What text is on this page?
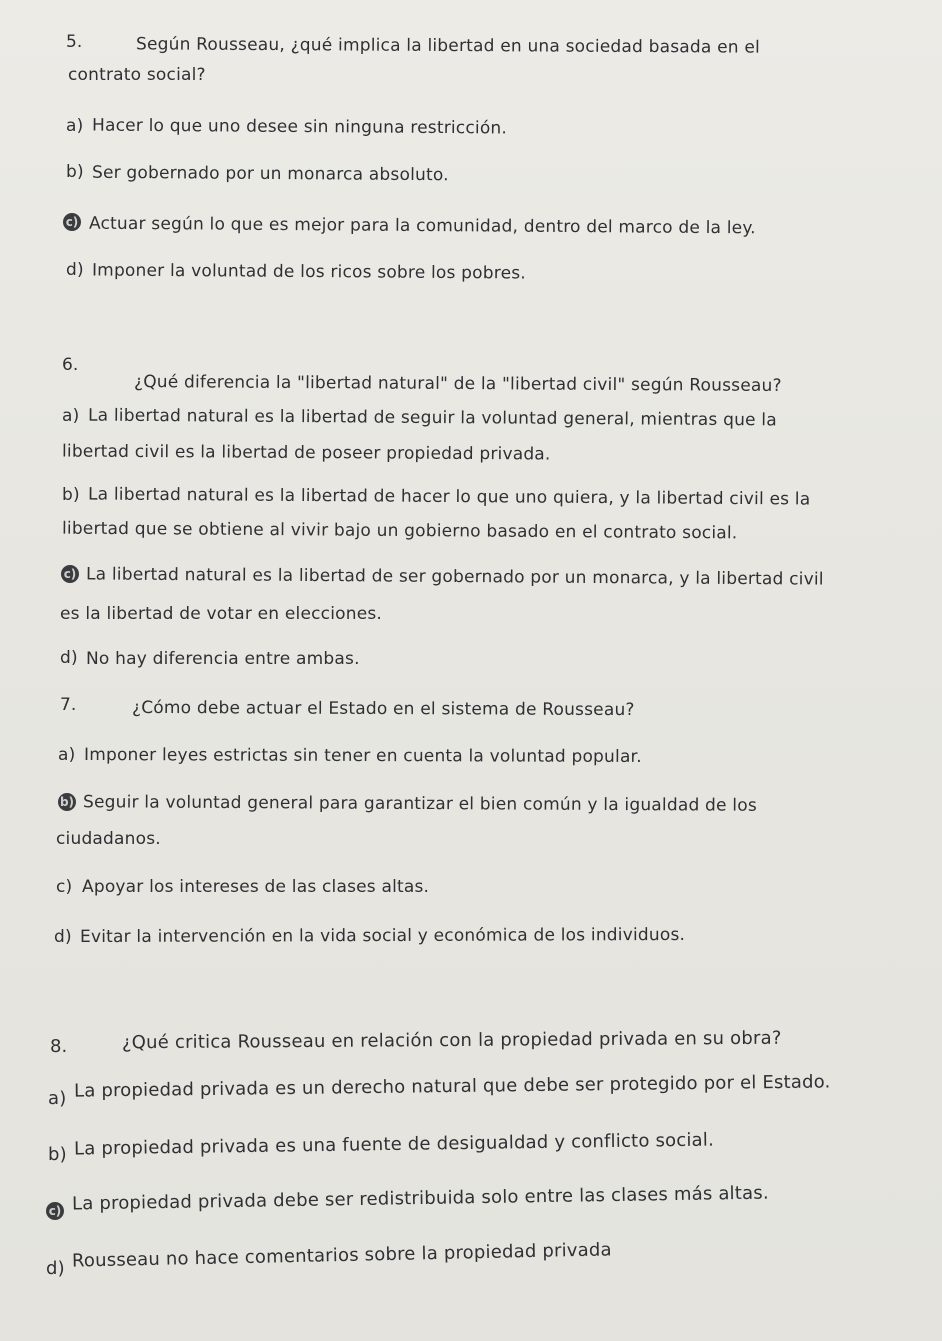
5.	Según Rousseau, ¿qué implica la libertad en una sociedad basada en el
contrato social?
a) Hacer lo que uno desee sin ninguna restricción.
b) Ser gobernado por un monarca absoluto.
c) Actuar según lo que es mejor para la comunidad, dentro del marco de la ley.
d) Imponer la voluntad de los ricos sobre los pobres.
6.
¿Qué diferencia la "libertad natural" de la "libertad civil" según Rousseau?
a) La libertad natural es la libertad de seguir la voluntad general, mientras que la
libertad civil es la libertad de poseer propiedad privada.
b) La libertad natural es la libertad de hacer lo que uno quiera, y la libertad civil es la
libertad que se obtiene al vivir bajo un gobierno basado en el contrato social.
c) La libertad natural es la libertad de ser gobernado por un monarca, y la libertad civil
es la libertad de votar en elecciones.
d) No hay diferencia entre ambas.
7.	¿Cómo debe actuar el Estado en el sistema de Rousseau?
a) Imponer leyes estrictas sin tener en cuenta la voluntad popular.
b) Seguir la voluntad general para garantizar el bien común y la igualdad de los
ciudadanos.
c) Apoyar los intereses de las clases altas.
d) Evitar la intervención en la vida social y económica de los individuos.
8.	¿Qué critica Rousseau en relación con la propiedad privada en su obra?
a) La propiedad privada es un derecho natural que debe ser protegido por el Estado.
b) La propiedad privada es una fuente de desigualdad y conflicto social.
c) La propiedad privada debe ser redistribuida solo entre las clases más altas.
d) Rousseau no hace comentarios sobre la propiedad privada
